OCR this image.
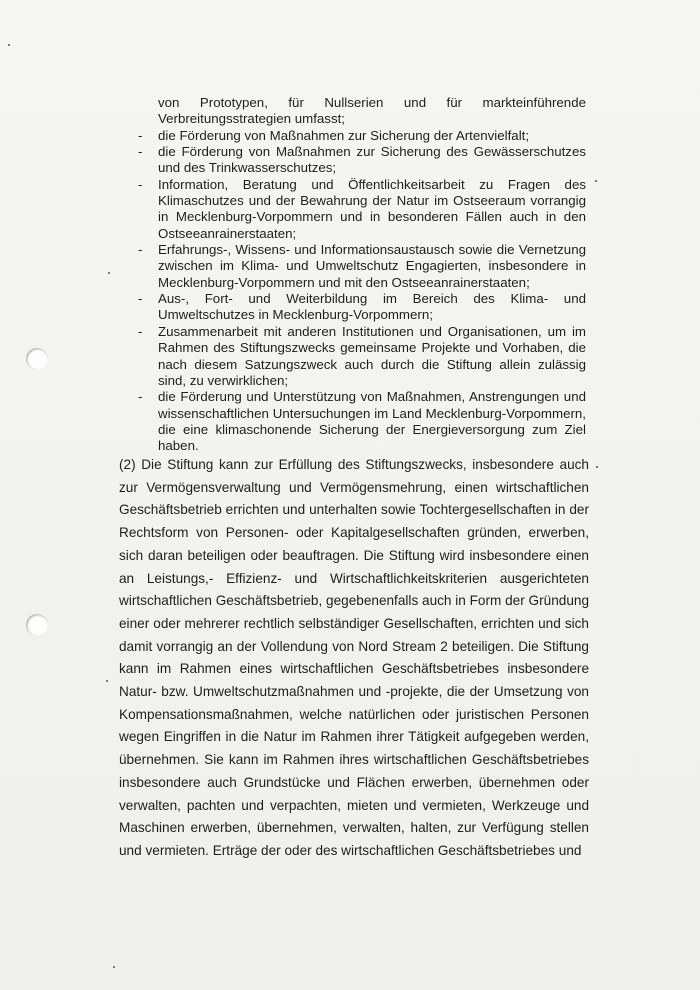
von Prototypen, für Nullserien und für markteinführende Verbreitungsstrategien umfasst;
- die Förderung von Maßnahmen zur Sicherung der Artenvielfalt;
- die Förderung von Maßnahmen zur Sicherung des Gewässerschutzes und des Trinkwasserschutzes;
- Information, Beratung und Öffentlichkeitsarbeit zu Fragen des Klimaschutzes und der Bewahrung der Natur im Ostseeraum vorrangig in Mecklenburg-Vorpommern und in besonderen Fällen auch in den Ostseeanrainerstaaten;
- Erfahrungs-, Wissens- und Informationsaustausch sowie die Vernetzung zwischen im Klima- und Umweltschutz Engagierten, insbesondere in Mecklenburg-Vorpommern und mit den Ostseeanrainerstaaten;
- Aus-, Fort- und Weiterbildung im Bereich des Klima- und Umweltschutzes in Mecklenburg-Vorpommern;
- Zusammenarbeit mit anderen Institutionen und Organisationen, um im Rahmen des Stiftungszwecks gemeinsame Projekte und Vorhaben, die nach diesem Satzungszweck auch durch die Stiftung allein zulässig sind, zu verwirklichen;
- die Förderung und Unterstützung von Maßnahmen, Anstrengungen und wissenschaftlichen Untersuchungen im Land Mecklenburg-Vorpommern, die eine klimaschonende Sicherung der Energieversorgung zum Ziel haben.

(2) Die Stiftung kann zur Erfüllung des Stiftungszwecks, insbesondere auch zur Vermögensverwaltung und Vermögensmehrung, einen wirtschaftlichen Geschäftsbetrieb errichten und unterhalten sowie Tochtergesellschaften in der Rechtsform von Personen- oder Kapitalgesellschaften gründen, erwerben, sich daran beteiligen oder beauftragen. Die Stiftung wird insbesondere einen an Leistungs,- Effizienz- und Wirtschaftlichkeitskriterien ausgerichteten wirtschaftlichen Geschäftsbetrieb, gegebenenfalls auch in Form der Gründung einer oder mehrerer rechtlich selbständiger Gesellschaften, errichten und sich damit vorrangig an der Vollendung von Nord Stream 2 beteiligen. Die Stiftung kann im Rahmen eines wirtschaftlichen Geschäftsbetriebes insbesondere Natur- bzw. Umweltschutzmaßnahmen und -projekte, die der Umsetzung von Kompensationsmaßnahmen, welche natürlichen oder juristischen Personen wegen Eingriffen in die Natur im Rahmen ihrer Tätigkeit aufgegeben werden, übernehmen. Sie kann im Rahmen ihres wirtschaftlichen Geschäftsbetriebes insbesondere auch Grundstücke und Flächen erwerben, übernehmen oder verwalten, pachten und verpachten, mieten und vermieten, Werkzeuge und Maschinen erwerben, übernehmen, verwalten, halten, zur Verfügung stellen und vermieten. Erträge der oder des wirtschaftlichen Geschäftsbetriebes und
